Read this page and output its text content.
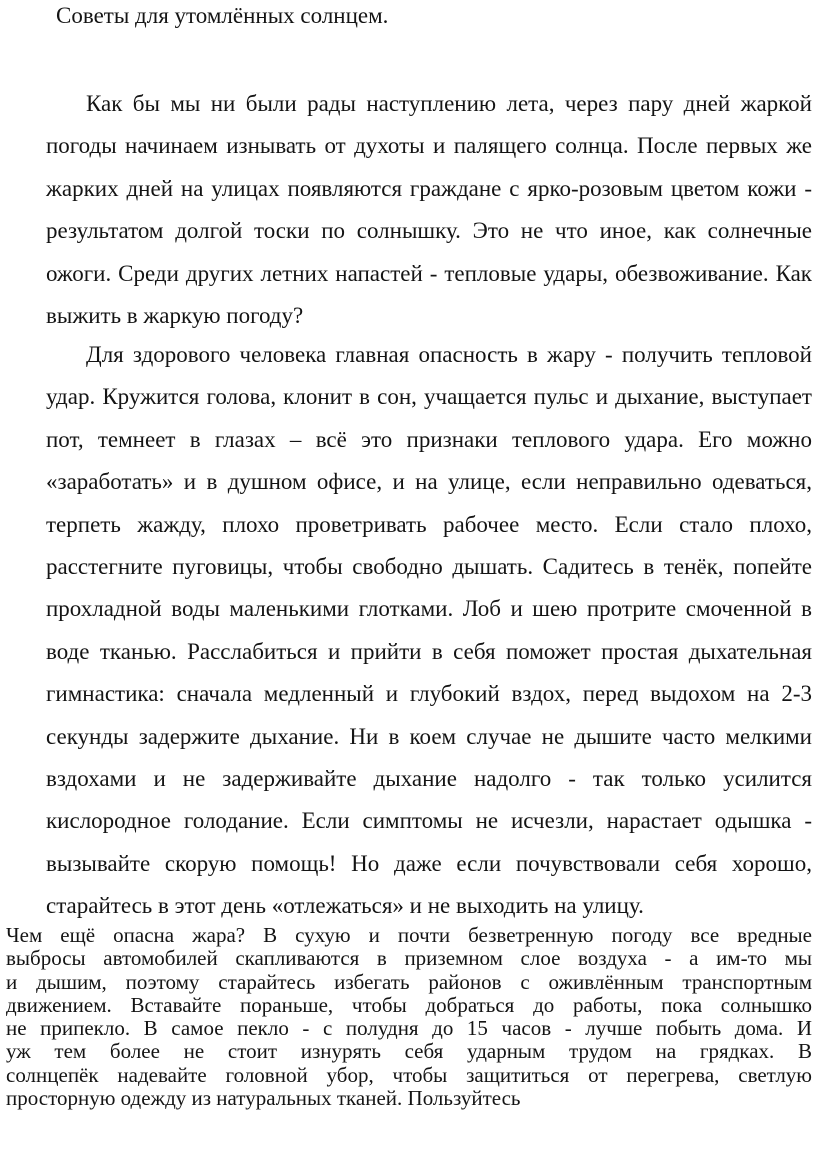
Советы для утомлённых солнцем.

Как бы мы ни были рады наступлению лета, через пару дней жаркой
погоды начинаем изнывать от духоты и палящего солнца. После первых же
жарких дней на улицах появляются граждане с ярко-розовым цветом кожи -
результатом долгой тоски по солнышку. Это не что иное, как солнечные
ожоги. Среди других летних напастей - тепловые удары, обезвоживание. Как
выжить в жаркую погоду?

Для здорового человека главная опасность в жару - получить тепловой
удар. Кружится голова, клонит в сон, учащается пульс и дыхание, выступает
пот, темнеет в глазах – всё это признаки теплового удара. Его можно
«заработать» и в душном офисе, и на улице, если неправильно одеваться,
терпеть жажду, плохо проветривать рабочее место. Если стало плохо,
расстегните пуговицы, чтобы свободно дышать. Садитесь в тенёк, попейте
прохладной воды маленькими глотками. Лоб и шею протрите смоченной в
воде тканью. Расслабиться и прийти в себя поможет простая дыхательная
гимнастика: сначала медленный и глубокий вздох, перед выдохом на 2-3
секунды задержите дыхание. Ни в коем случае не дышите часто мелкими
вздохами и не задерживайте дыхание надолго - так только усилится
кислородное голодание. Если симптомы не исчезли, нарастает одышка -
вызывайте скорую помощь! Но даже если почувствовали себя хорошо,
старайтесь в этот день «отлежаться» и не выходить на улицу.

Чем ещё опасна жара? В сухую и почти безветренную погоду все вредные
выбросы автомобилей скапливаются в приземном слое воздуха - а им-то мы
и дышим, поэтому старайтесь избегать районов с оживлённым транспортным
движением. Вставайте пораньше, чтобы добраться до работы, пока солнышко
не припекло. В самое пекло - с полудня до 15 часов - лучше побыть дома. И
уж тем более не стоит изнурять себя ударным трудом на грядках. В
солнцепёк надевайте головной убор, чтобы защититься от перегрева, светлую
просторную одежду из натуральных тканей. Пользуйтесь
